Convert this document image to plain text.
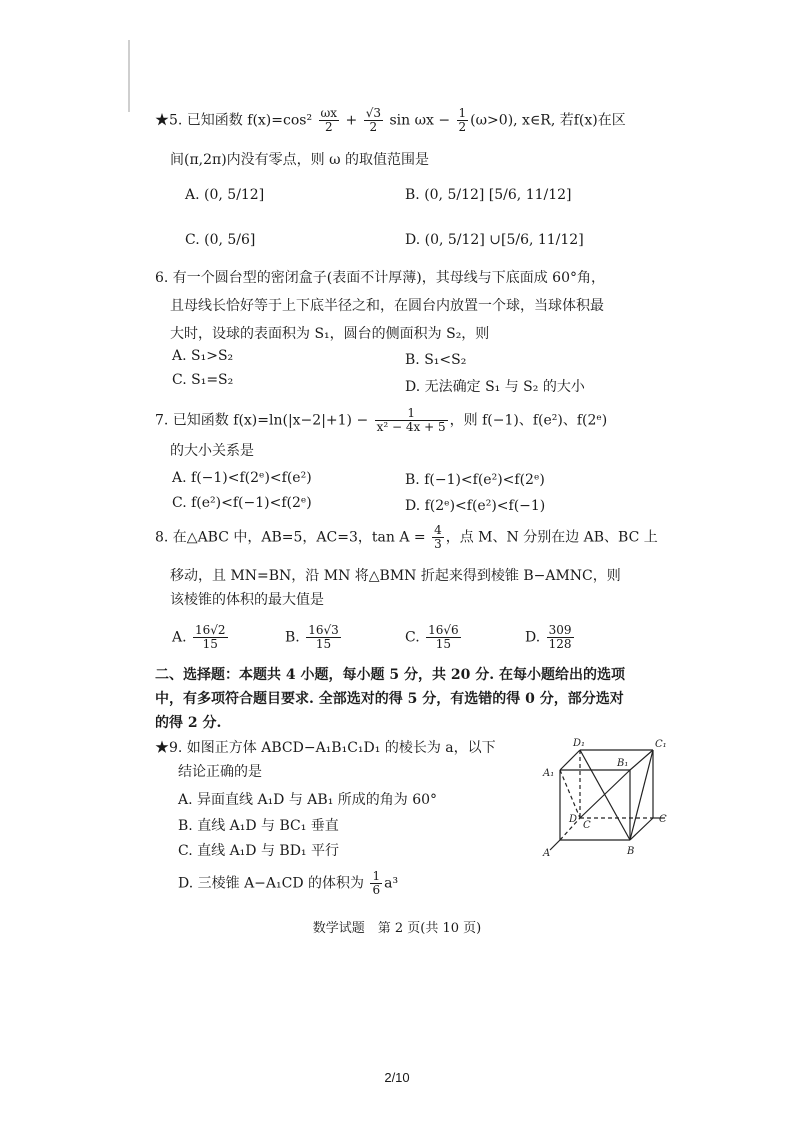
★5. 已知函数 $f(x)=\cos^2 \frac{\omega x}{2} + \frac{√3}{2}$ $\sin \omega x - \frac{1}{2} (\omega>0)$, x∈R, 若f(x)在区
间(π,2π)内没有零点，则 ω 的取值范围是
A. (0, 5/12]	B. (0, 5/12] [5/6, 11/12]
C. (0, 5/6]	D. (0, 5/12] ∪[5/6, 11/12]
6. 有一个圆台型的密闭盒子(表面不计厚薄)，其母线与下底面成 60°角，
且母线长恰好等于上下底半径之和，在圆台内放置一个球，当球体积最
大时，设球的表面积为 S₁，圆台的侧面积为 S₂，则
A. S₁>S₂	B. S₁<S₂
C. S₁=S₂	D. 无法确定 S₁ 与 S₂ 的大小
7. 已知函数 $f(x)=\ln(|x-2|+1) - \frac{1}{\text{x² − 4x + 5}}$ ，则 f(−1)、f(e²)、f(2ᵉ)
的大小关系是
A. f(−1)<f(2ᵉ)<f(e²)	B. f(−1)<f(e²)<f(2ᵉ)
C. f(e²)<f(−1)<f(2ᵉ)	D. f(2ᵉ)<f(e²)<f(−1)
8. 在△ABC 中，AB=5，AC=3，$\tan A = \frac{4}{3}$ ，点 M、N 分别在边 AB、BC 上
移动，且 MN=BN，沿 MN 将△BMN 折起来得到棱锥 B−AMNC，则
该棱锥的体积的最大值是
A. $\frac{16√2}{15}$	B. $\frac{16√3}{15}$	C. $\frac{16√6}{15}$	D. $\frac{309}{128}$
二、选择题：本题共 4 小题，每小题 5 分，共 20 分. 在每小题给出的选项
中，有多项符合题目要求. 全部选对的得 5 分，有选错的得 0 分，部分选对
的得 2 分.
★9. 如图正方体 ABCD−A₁B₁C₁D₁ 的棱长为 a，以下
结论正确的是
A. 异面直线 A₁D 与 AB₁ 所成的角为 60°
B. 直线 A₁D 与 BC₁ 垂直
C. 直线 A₁D 与 BD₁ 平行
D. 三棱锥 A−A₁CD 的体积为 $\frac{1}{6} a^3$
D₁	C₁
A₁
B₁
D
C
A	B
C
数学试题　第 2 页(共 10 页)
2/10
